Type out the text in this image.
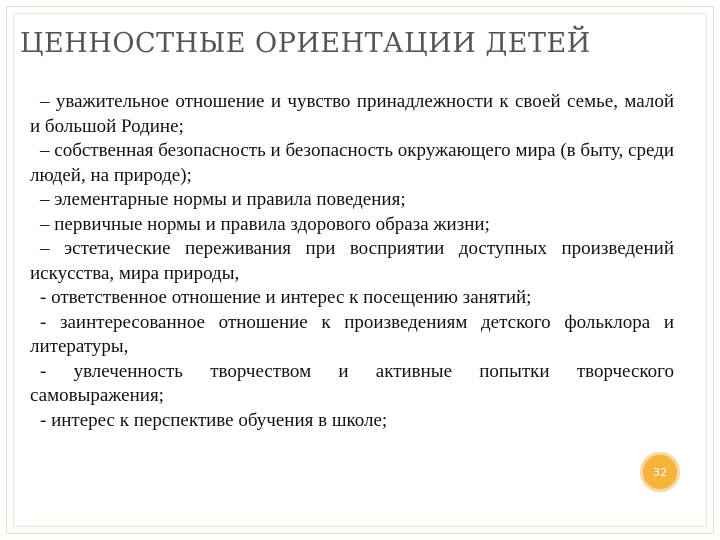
ЦЕННОСТНЫЕ ОРИЕНТАЦИИ ДЕТЕЙ

– уважительное отношение и чувство принадлежности к своей семье, малой и большой Родине;

– собственная безопасность и безопасность окружающего мира (в быту, среди людей, на природе);

– элементарные нормы и правила поведения;

– первичные нормы и правила здорового образа жизни;

– эстетические переживания при восприятии доступных произведений искусства, мира природы,

- ответственное отношение и интерес к посещению занятий;

- заинтересованное отношение к произведениям детского фольклора и литературы,

- увлеченность творчеством и активные попытки творческого самовыражения;

- интерес к перспективе обучения в школе;

32
